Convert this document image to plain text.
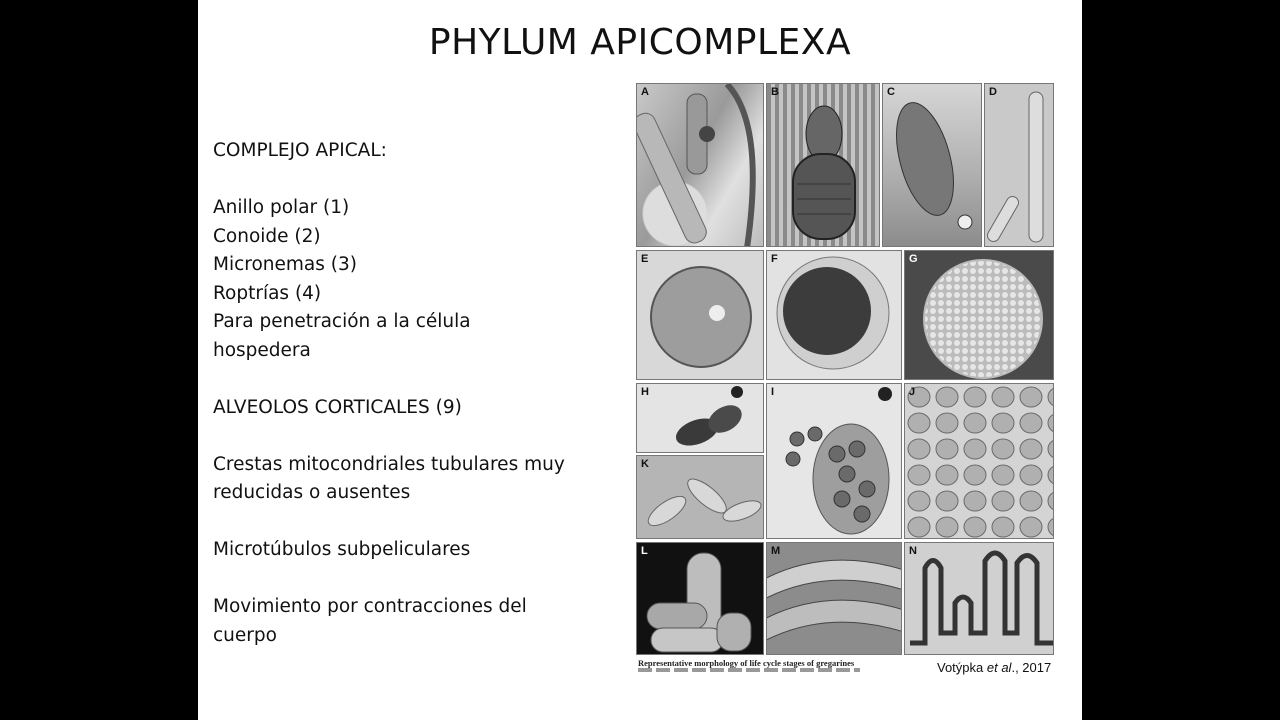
PHYLUM APICOMPLEXA
COMPLEJO APICAL:
Anillo polar (1)
Conoide (2)
Micronemas (3)
Roptrías (4)
Para penetración a la célula
hospedera
ALVEOLOS CORTICALES (9)
Crestas mitocondriales tubulares muy
reducidas o ausentes
Microtúbulos subpeliculares
Movimiento por contracciones del
cuerpo
A	B	C	D
E	F	G
H
K
I	J
L	M	N
Representative morphology of life cycle stages of gregarines	Votýpka et al., 2017
